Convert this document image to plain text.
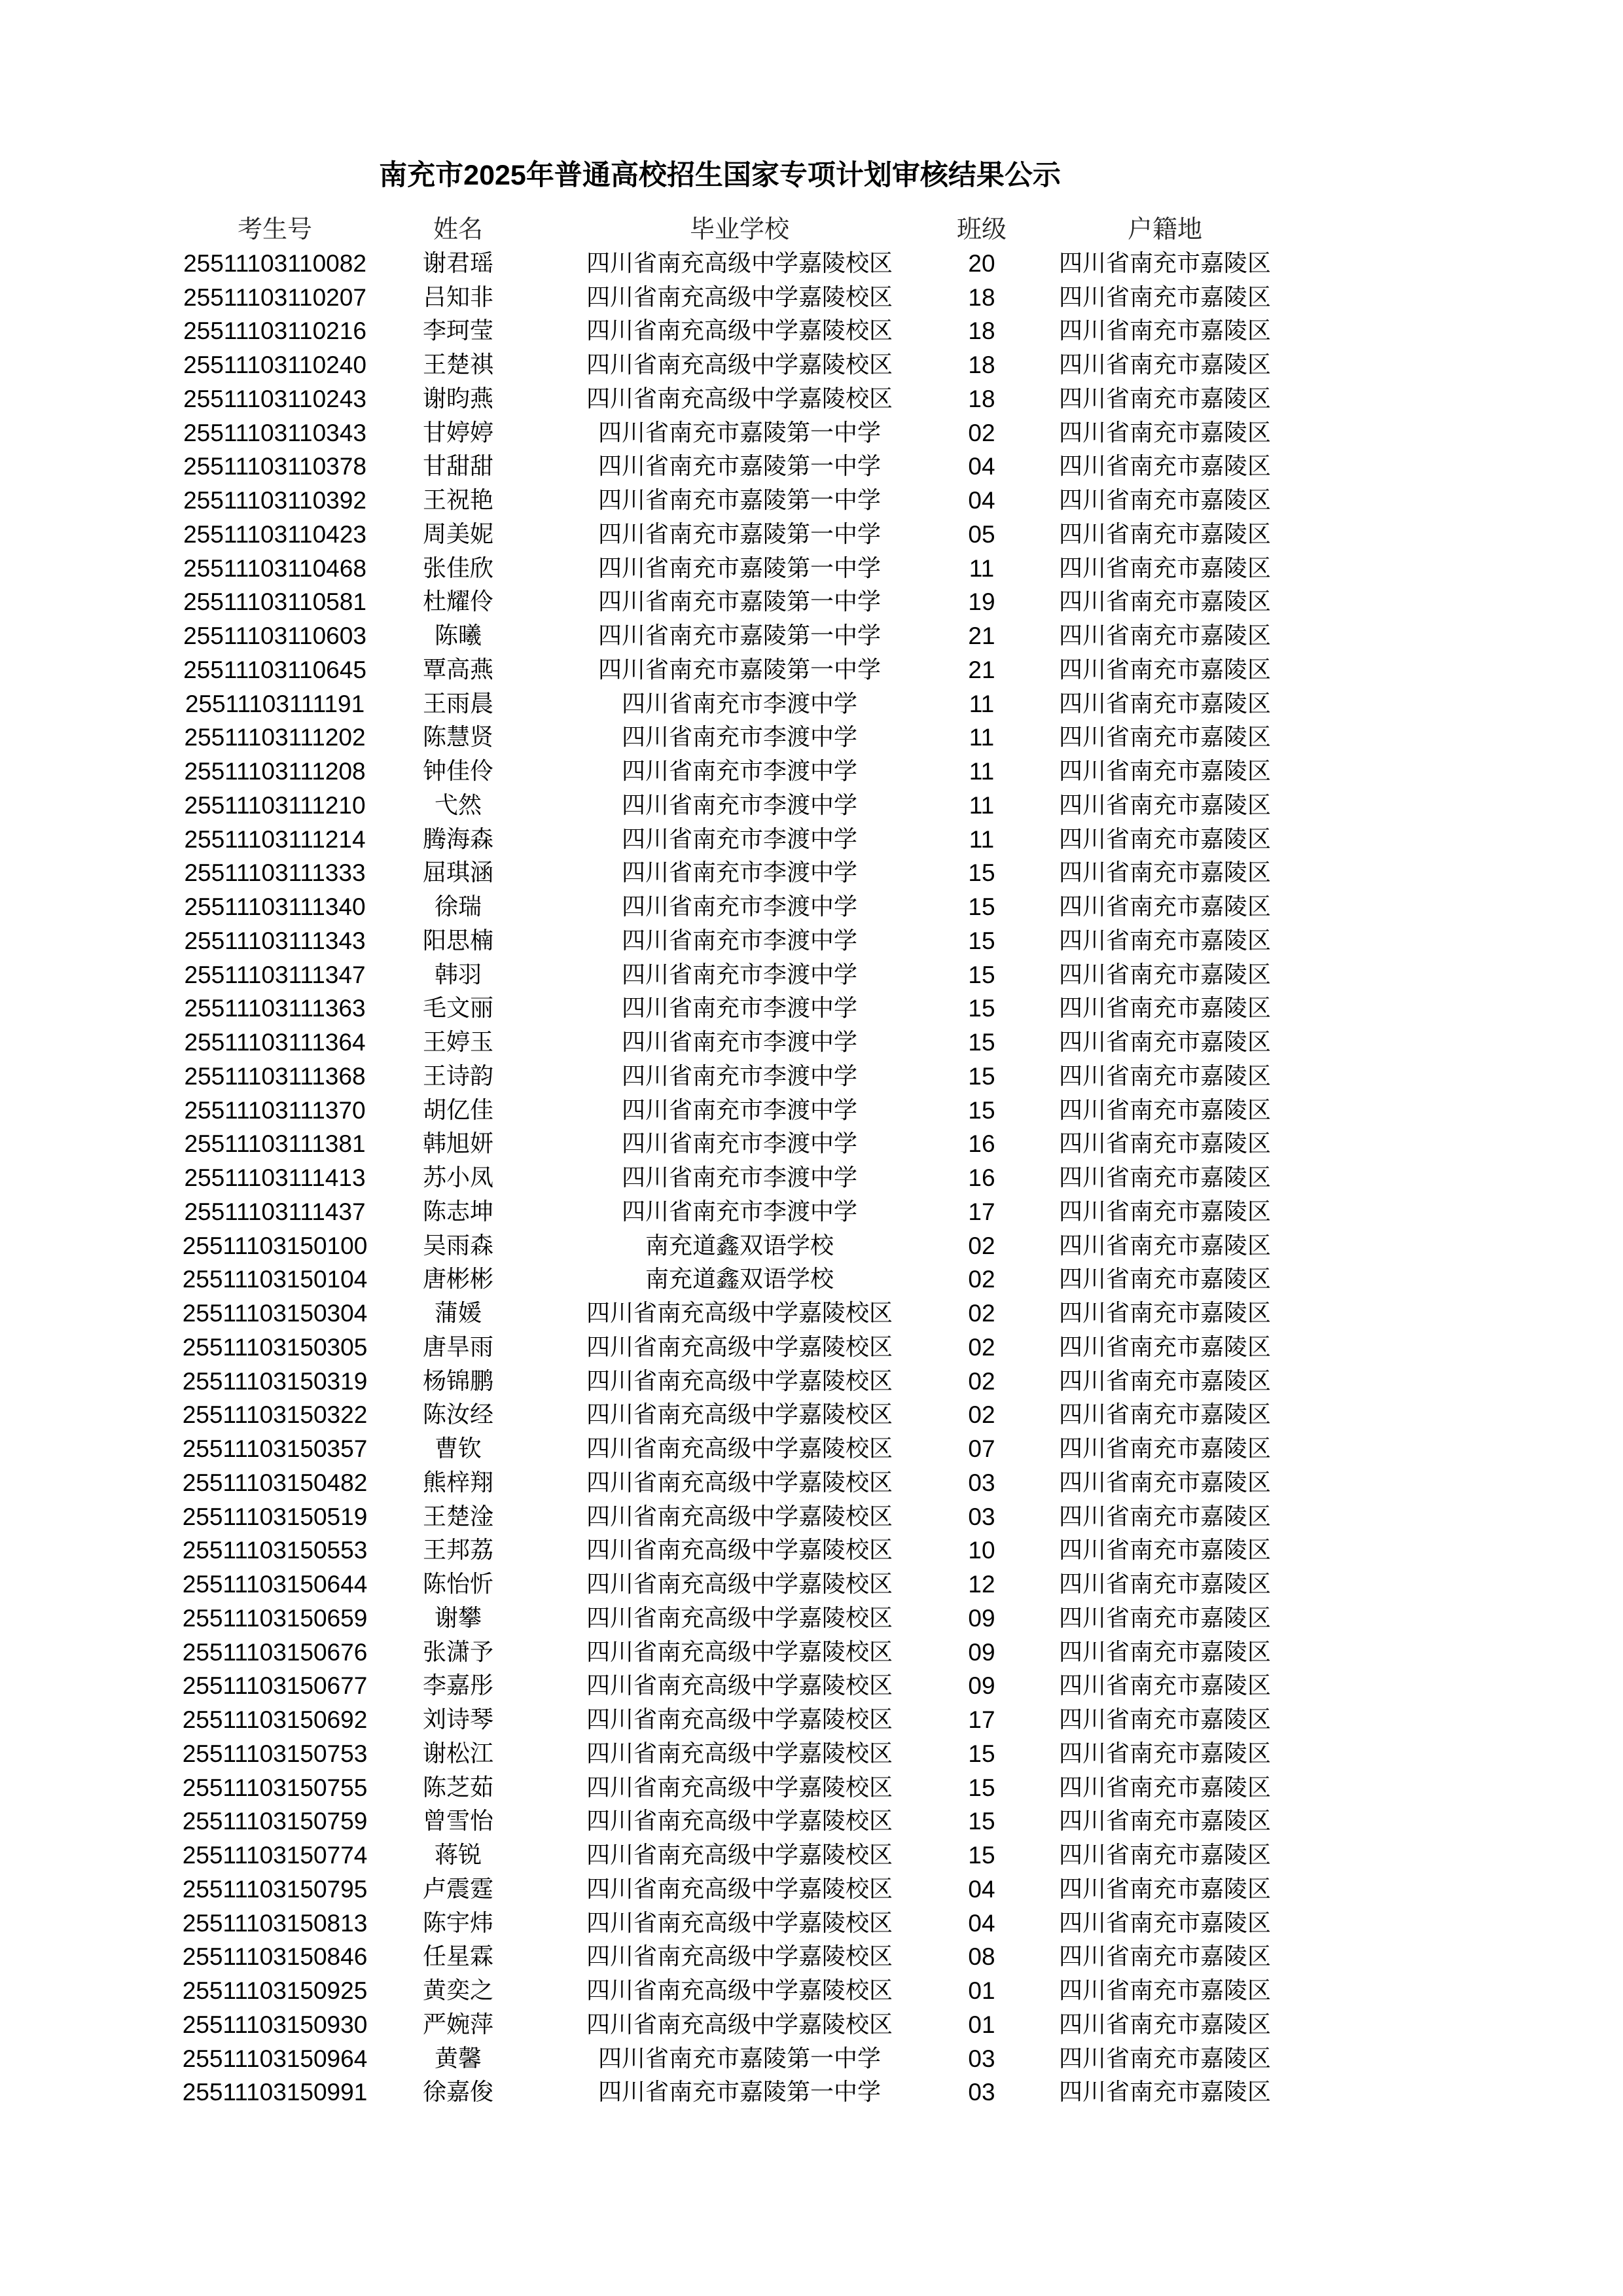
南充市2025年普通高校招生国家专项计划审核结果公示
考生号	姓名	毕业学校	班级	户籍地
25511103110082	谢君瑶	四川省南充高级中学嘉陵校区	20	四川省南充市嘉陵区
25511103110207	吕知非	四川省南充高级中学嘉陵校区	18	四川省南充市嘉陵区
25511103110216	李珂莹	四川省南充高级中学嘉陵校区	18	四川省南充市嘉陵区
25511103110240	王楚祺	四川省南充高级中学嘉陵校区	18	四川省南充市嘉陵区
25511103110243	谢昀燕	四川省南充高级中学嘉陵校区	18	四川省南充市嘉陵区
25511103110343	甘婷婷	四川省南充市嘉陵第一中学	02	四川省南充市嘉陵区
25511103110378	甘甜甜	四川省南充市嘉陵第一中学	04	四川省南充市嘉陵区
25511103110392	王祝艳	四川省南充市嘉陵第一中学	04	四川省南充市嘉陵区
25511103110423	周美妮	四川省南充市嘉陵第一中学	05	四川省南充市嘉陵区
25511103110468	张佳欣	四川省南充市嘉陵第一中学	11	四川省南充市嘉陵区
25511103110581	杜耀伶	四川省南充市嘉陵第一中学	19	四川省南充市嘉陵区
25511103110603	陈曦	四川省南充市嘉陵第一中学	21	四川省南充市嘉陵区
25511103110645	覃高燕	四川省南充市嘉陵第一中学	21	四川省南充市嘉陵区
25511103111191	王雨晨	四川省南充市李渡中学	11	四川省南充市嘉陵区
25511103111202	陈慧贤	四川省南充市李渡中学	11	四川省南充市嘉陵区
25511103111208	钟佳伶	四川省南充市李渡中学	11	四川省南充市嘉陵区
25511103111210	弋然	四川省南充市李渡中学	11	四川省南充市嘉陵区
25511103111214	腾海森	四川省南充市李渡中学	11	四川省南充市嘉陵区
25511103111333	屈琪涵	四川省南充市李渡中学	15	四川省南充市嘉陵区
25511103111340	徐瑞	四川省南充市李渡中学	15	四川省南充市嘉陵区
25511103111343	阳思楠	四川省南充市李渡中学	15	四川省南充市嘉陵区
25511103111347	韩羽	四川省南充市李渡中学	15	四川省南充市嘉陵区
25511103111363	毛文丽	四川省南充市李渡中学	15	四川省南充市嘉陵区
25511103111364	王婷玉	四川省南充市李渡中学	15	四川省南充市嘉陵区
25511103111368	王诗韵	四川省南充市李渡中学	15	四川省南充市嘉陵区
25511103111370	胡亿佳	四川省南充市李渡中学	15	四川省南充市嘉陵区
25511103111381	韩旭妍	四川省南充市李渡中学	16	四川省南充市嘉陵区
25511103111413	苏小凤	四川省南充市李渡中学	16	四川省南充市嘉陵区
25511103111437	陈志坤	四川省南充市李渡中学	17	四川省南充市嘉陵区
25511103150100	吴雨森	南充道鑫双语学校	02	四川省南充市嘉陵区
25511103150104	唐彬彬	南充道鑫双语学校	02	四川省南充市嘉陵区
25511103150304	蒲媛	四川省南充高级中学嘉陵校区	02	四川省南充市嘉陵区
25511103150305	唐旱雨	四川省南充高级中学嘉陵校区	02	四川省南充市嘉陵区
25511103150319	杨锦鹏	四川省南充高级中学嘉陵校区	02	四川省南充市嘉陵区
25511103150322	陈汝经	四川省南充高级中学嘉陵校区	02	四川省南充市嘉陵区
25511103150357	曹钦	四川省南充高级中学嘉陵校区	07	四川省南充市嘉陵区
25511103150482	熊梓翔	四川省南充高级中学嘉陵校区	03	四川省南充市嘉陵区
25511103150519	王楚淦	四川省南充高级中学嘉陵校区	03	四川省南充市嘉陵区
25511103150553	王邦荔	四川省南充高级中学嘉陵校区	10	四川省南充市嘉陵区
25511103150644	陈怡忻	四川省南充高级中学嘉陵校区	12	四川省南充市嘉陵区
25511103150659	谢攀	四川省南充高级中学嘉陵校区	09	四川省南充市嘉陵区
25511103150676	张潇予	四川省南充高级中学嘉陵校区	09	四川省南充市嘉陵区
25511103150677	李嘉彤	四川省南充高级中学嘉陵校区	09	四川省南充市嘉陵区
25511103150692	刘诗琴	四川省南充高级中学嘉陵校区	17	四川省南充市嘉陵区
25511103150753	谢松江	四川省南充高级中学嘉陵校区	15	四川省南充市嘉陵区
25511103150755	陈芝茹	四川省南充高级中学嘉陵校区	15	四川省南充市嘉陵区
25511103150759	曾雪怡	四川省南充高级中学嘉陵校区	15	四川省南充市嘉陵区
25511103150774	蒋锐	四川省南充高级中学嘉陵校区	15	四川省南充市嘉陵区
25511103150795	卢震霆	四川省南充高级中学嘉陵校区	04	四川省南充市嘉陵区
25511103150813	陈宇炜	四川省南充高级中学嘉陵校区	04	四川省南充市嘉陵区
25511103150846	任星霖	四川省南充高级中学嘉陵校区	08	四川省南充市嘉陵区
25511103150925	黄奕之	四川省南充高级中学嘉陵校区	01	四川省南充市嘉陵区
25511103150930	严婉萍	四川省南充高级中学嘉陵校区	01	四川省南充市嘉陵区
25511103150964	黄馨	四川省南充市嘉陵第一中学	03	四川省南充市嘉陵区
25511103150991	徐嘉俊	四川省南充市嘉陵第一中学	03	四川省南充市嘉陵区
